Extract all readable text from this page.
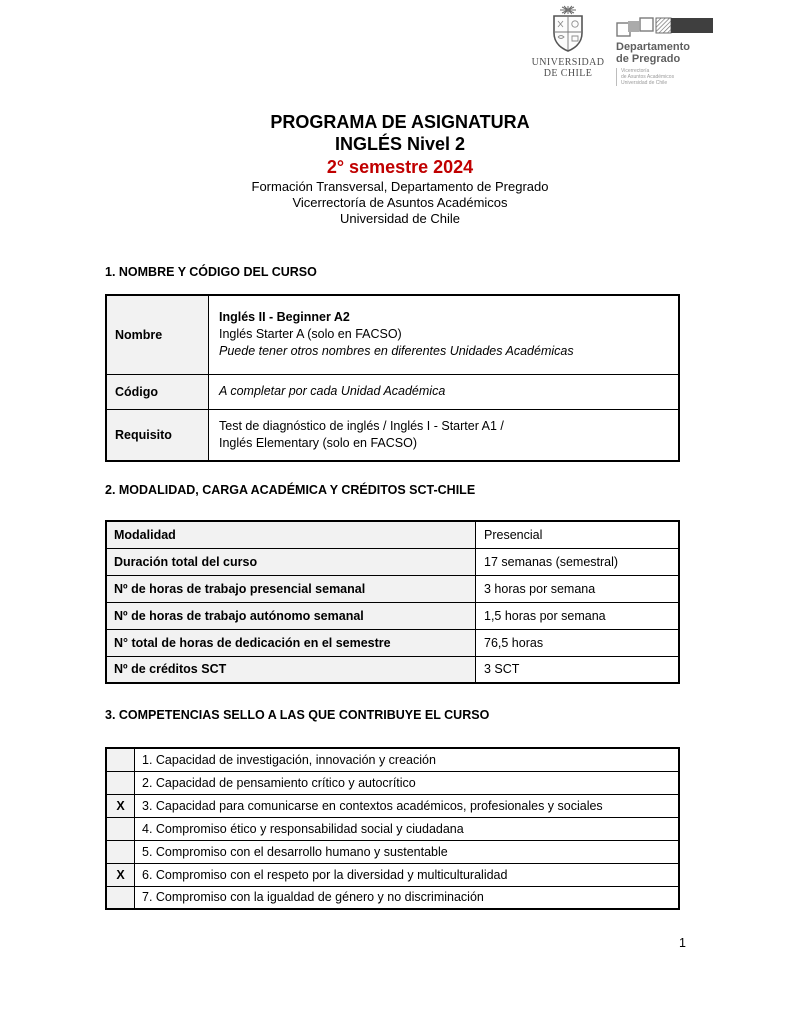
UNIVERSIDAD
DE CHILE
Departamento
de Pregrado
Vicerrectoría
de Asuntos Académicos
Universidad de Chile
PROGRAMA DE ASIGNATURA
INGLÉS Nivel 2
2° semestre 2024
Formación Transversal, Departamento de Pregrado
Vicerrectoría de Asuntos Académicos
Universidad de Chile
1. NOMBRE Y CÓDIGO DEL CURSO
Nombre	Inglés II - Beginner A2
Inglés Starter A (solo en FACSO)
Puede tener otros nombres en diferentes Unidades Académicas

Código	A completar por cada Unidad Académica
Requisito	Test de diagnóstico de inglés / Inglés I - Starter A1 /
Inglés Elementary (solo en FACSO)
2. MODALIDAD, CARGA ACADÉMICA Y CRÉDITOS SCT-CHILE
Modalidad	Presencial
Duración total del curso	17 semanas (semestral)
Nº de horas de trabajo presencial semanal	3 horas por semana
Nº de horas de trabajo autónomo semanal	1,5 horas por semana
N° total de horas de dedicación en el semestre	76,5 horas
Nº de créditos SCT	3 SCT
3. COMPETENCIAS SELLO A LAS QUE CONTRIBUYE EL CURSO
	1. Capacidad de investigación, innovación y creación
	2. Capacidad de pensamiento crítico y autocrítico
X	3. Capacidad para comunicarse en contextos académicos, profesionales y sociales
	4. Compromiso ético y responsabilidad social y ciudadana
	5. Compromiso con el desarrollo humano y sustentable
X	6. Compromiso con el respeto por la diversidad y multiculturalidad
	7. Compromiso con la igualdad de género y no discriminación
1
